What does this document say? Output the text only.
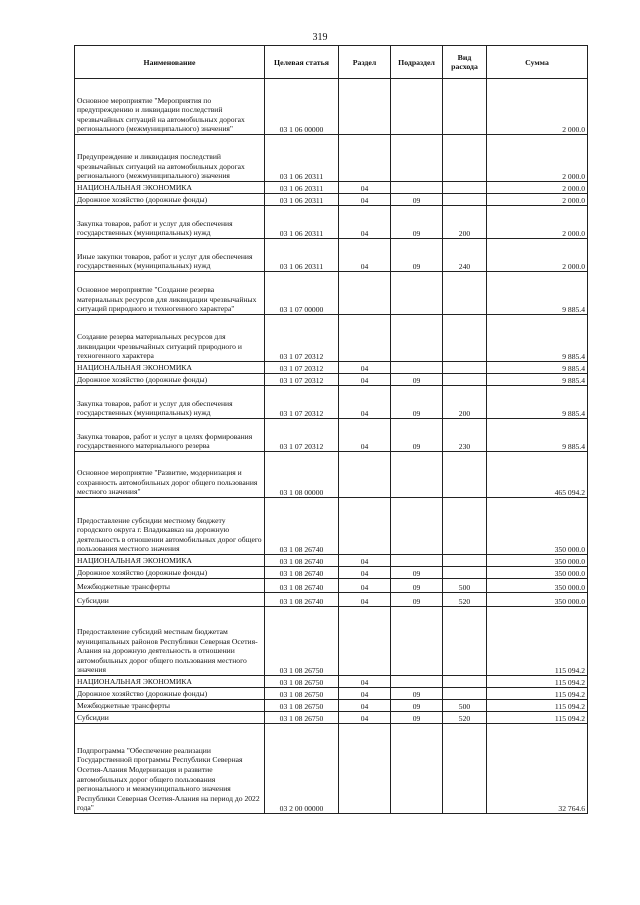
319
Наименование	Целевая статья	Раздел	Подраздел	Вид расхода	Сумма
Основное мероприятие "Мероприятия по предупреждению и ликвидации последствий чрезвычайных ситуаций на автомобильных дорогах регионального (межмуниципального) значения"	03 1 06 00000				2 000.0
Предупреждение и ликвидация последствий чрезвычайных ситуаций на автомобильных дорогах регионального (межмуниципального) значения	03 1 06 20311				2 000.0
НАЦИОНАЛЬНАЯ ЭКОНОМИКА	03 1 06 20311	04			2 000.0
Дорожное хозяйство (дорожные фонды)	03 1 06 20311	04	09		2 000.0
Закупка товаров, работ и услуг для обеспечения государственных (муниципальных) нужд	03 1 06 20311	04	09	200	2 000.0
Иные закупки товаров, работ и услуг для обеспечения государственных (муниципальных) нужд	03 1 06 20311	04	09	240	2 000.0
Основное мероприятие "Создание резерва материальных ресурсов для ликвидации чрезвычайных ситуаций природного и техногенного характера"	03 1 07 00000				9 885.4
Создание резерва материальных ресурсов для ликвидации чрезвычайных ситуаций природного и техногенного характера	03 1 07 20312				9 885.4
НАЦИОНАЛЬНАЯ ЭКОНОМИКА	03 1 07 20312	04			9 885.4
Дорожное хозяйство (дорожные фонды)	03 1 07 20312	04	09		9 885.4
Закупка товаров, работ и услуг для обеспечения государственных (муниципальных) нужд	03 1 07 20312	04	09	200	9 885.4
Закупка товаров, работ и услуг в целях формирования государственного материального резерва	03 1 07 20312	04	09	230	9 885.4
Основное мероприятие "Развитие, модернизация и сохранность автомобильных дорог общего пользования местного значения"	03 1 08 00000				465 094.2
Предоставление субсидии местному бюджету городского округа г. Владикавказ на дорожную деятельность в отношении автомобильных дорог общего пользования местного значения	03 1 08 26740				350 000.0
НАЦИОНАЛЬНАЯ ЭКОНОМИКА	03 1 08 26740	04			350 000.0
Дорожное хозяйство (дорожные фонды)	03 1 08 26740	04	09		350 000.0
Межбюджетные трансферты	03 1 08 26740	04	09	500	350 000.0
Субсидии	03 1 08 26740	04	09	520	350 000.0
Предоставление субсидий местным бюджетам муниципальных районов Республики Северная Осетия-Алания на дорожную деятельность в отношении автомобильных дорог общего пользования местного значения	03 1 08 26750				115 094.2
НАЦИОНАЛЬНАЯ ЭКОНОМИКА	03 1 08 26750	04			115 094.2
Дорожное хозяйство (дорожные фонды)	03 1 08 26750	04	09		115 094.2
Межбюджетные трансферты	03 1 08 26750	04	09	500	115 094.2
Субсидии	03 1 08 26750	04	09	520	115 094.2
Подпрограмма "Обеспечение реализации Государственной программы Республики Северная Осетия-Алания Модернизация и развитие автомобильных дорог общего пользования регионального и межмуниципального значения Республики Северная Осетия-Алания на период до 2022 года"	03 2 00 00000				32 764.6
